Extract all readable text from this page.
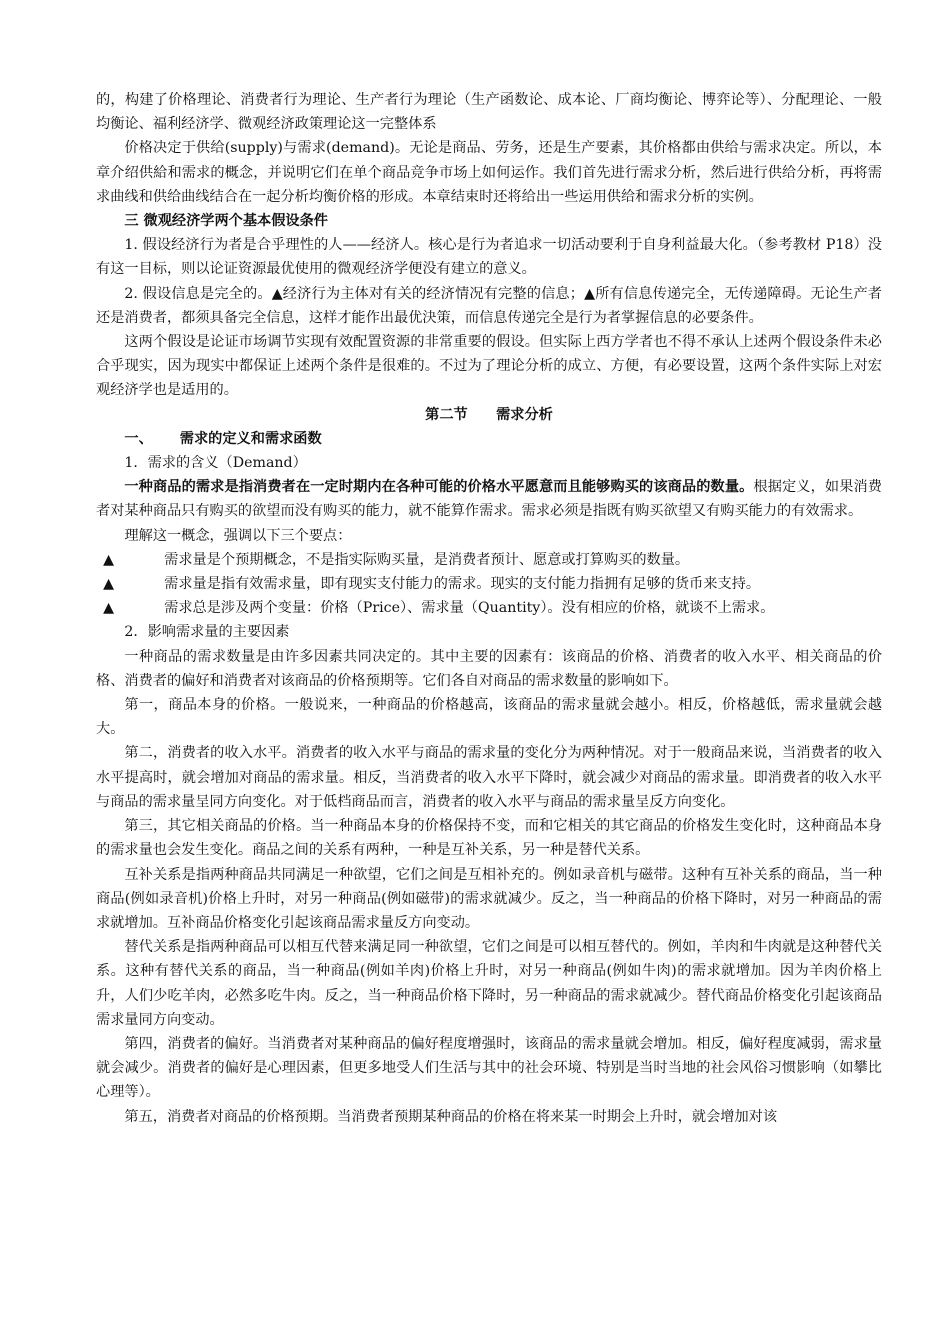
的，构建了价格理论、消费者行为理论、生产者行为理论（生产函数论、成本论、厂商均衡论、博弈论等）、分配理论、一般均衡论、福利经济学、微观经济政策理论这一完整体系

价格决定于供给(supply)与需求(demand)。无论是商品、劳务，还是生产要素，其价格都由供给与需求决定。所以，本章介绍供給和需求的概念，并说明它们在单个商品竞争市场上如何运作。我们首先进行需求分析，然后进行供给分析，再将需求曲线和供给曲线结合在一起分析均衡价格的形成。本章结束时还将给出一些运用供给和需求分析的实例。

三 微观经济学两个基本假设条件

1. 假设经济行为者是合乎理性的人——经济人。核心是行为者追求一切活动要利于自身利益最大化。（参考教材 P18）没有这一目标，则以论证资源最优使用的微观经济学便没有建立的意义。

2. 假设信息是完全的。▲经济行为主体对有关的经济情况有完整的信息；▲所有信息传递完全，无传递障碍。无论生产者还是消费者，都须具备完全信息，这样才能作出最优決策，而信息传递完全是行为者掌握信息的必要条件。

这两个假设是论证市场调节实现有效配置资源的非常重要的假设。但实际上西方学者也不得不承认上述两个假设条件未必合乎现实，因为现实中都保证上述两个条件是很难的。不过为了理论分析的成立、方便，有必要设置，这两个条件实际上对宏观经济学也是适用的。

第二节 需求分析

一、 需求的定义和需求函数

1．需求的含义（Demand）

一种商品的需求是指消费者在一定时期内在各种可能的价格水平愿意而且能够购买的该商品的数量。根据定义，如果消费者对某种商品只有购买的欲望而没有购买的能力，就不能算作需求。需求必须是指既有购买欲望又有购买能力的有效需求。

理解这一概念，强调以下三个要点：

▲	需求量是个预期概念，不是指实际购买量，是消费者预计、愿意或打算购买的数量。
▲	需求量是指有效需求量，即有现实支付能力的需求。现实的支付能力指拥有足够的货币来支持。
▲	需求总是涉及两个变量：价格（Price）、需求量（Quantity）。没有相应的价格，就谈不上需求。

2．影响需求量的主要因素

一种商品的需求数量是由许多因素共同决定的。其中主要的因素有：该商品的价格、消费者的收入水平、相关商品的价格、消费者的偏好和消费者对该商品的价格预期等。它们各自对商品的需求数量的影响如下。

第一，商品本身的价格。一般说来，一种商品的价格越高，该商品的需求量就会越小。相反，价格越低，需求量就会越大。

第二，消费者的收入水平。消费者的收入水平与商品的需求量的变化分为两种情况。对于一般商品来说，当消费者的收入水平提高时，就会增加对商品的需求量。相反，当消费者的收入水平下降时，就会减少对商品的需求量。即消费者的收入水平与商品的需求量呈同方向变化。对于低档商品而言，消费者的收入水平与商品的需求量呈反方向变化。

第三，其它相关商品的价格。当一种商品本身的价格保持不变，而和它相关的其它商品的价格发生变化时，这种商品本身的需求量也会发生变化。商品之间的关系有两种，一种是互补关系，另一种是替代关系。

互补关系是指两种商品共同满足一种欲望，它们之间是互相补充的。例如录音机与磁带。这种有互补关系的商品，当一种商品(例如录音机)价格上升时，对另一种商品(例如磁带)的需求就减少。反之，当一种商品的价格下降时，对另一种商品的需求就增加。互补商品价格变化引起该商品需求量反方向变动。

替代关系是指两种商品可以相互代替来满足同一种欲望，它们之间是可以相互替代的。例如，羊肉和牛肉就是这种替代关系。这种有替代关系的商品，当一种商品(例如羊肉)价格上升时，对另一种商品(例如牛肉)的需求就增加。因为羊肉价格上升，人们少吃羊肉，必然多吃牛肉。反之，当一种商品价格下降时，另一种商品的需求就减少。替代商品价格变化引起该商品需求量同方向变动。

第四，消费者的偏好。当消费者对某种商品的偏好程度增强时，该商品的需求量就会增加。相反，偏好程度减弱，需求量就会减少。消费者的偏好是心理因素，但更多地受人们生活与其中的社会环境、特别是当时当地的社会风俗习惯影响（如攀比心理等）。

第五，消费者对商品的价格预期。当消费者预期某种商品的价格在将来某一时期会上升时，就会增加对该
